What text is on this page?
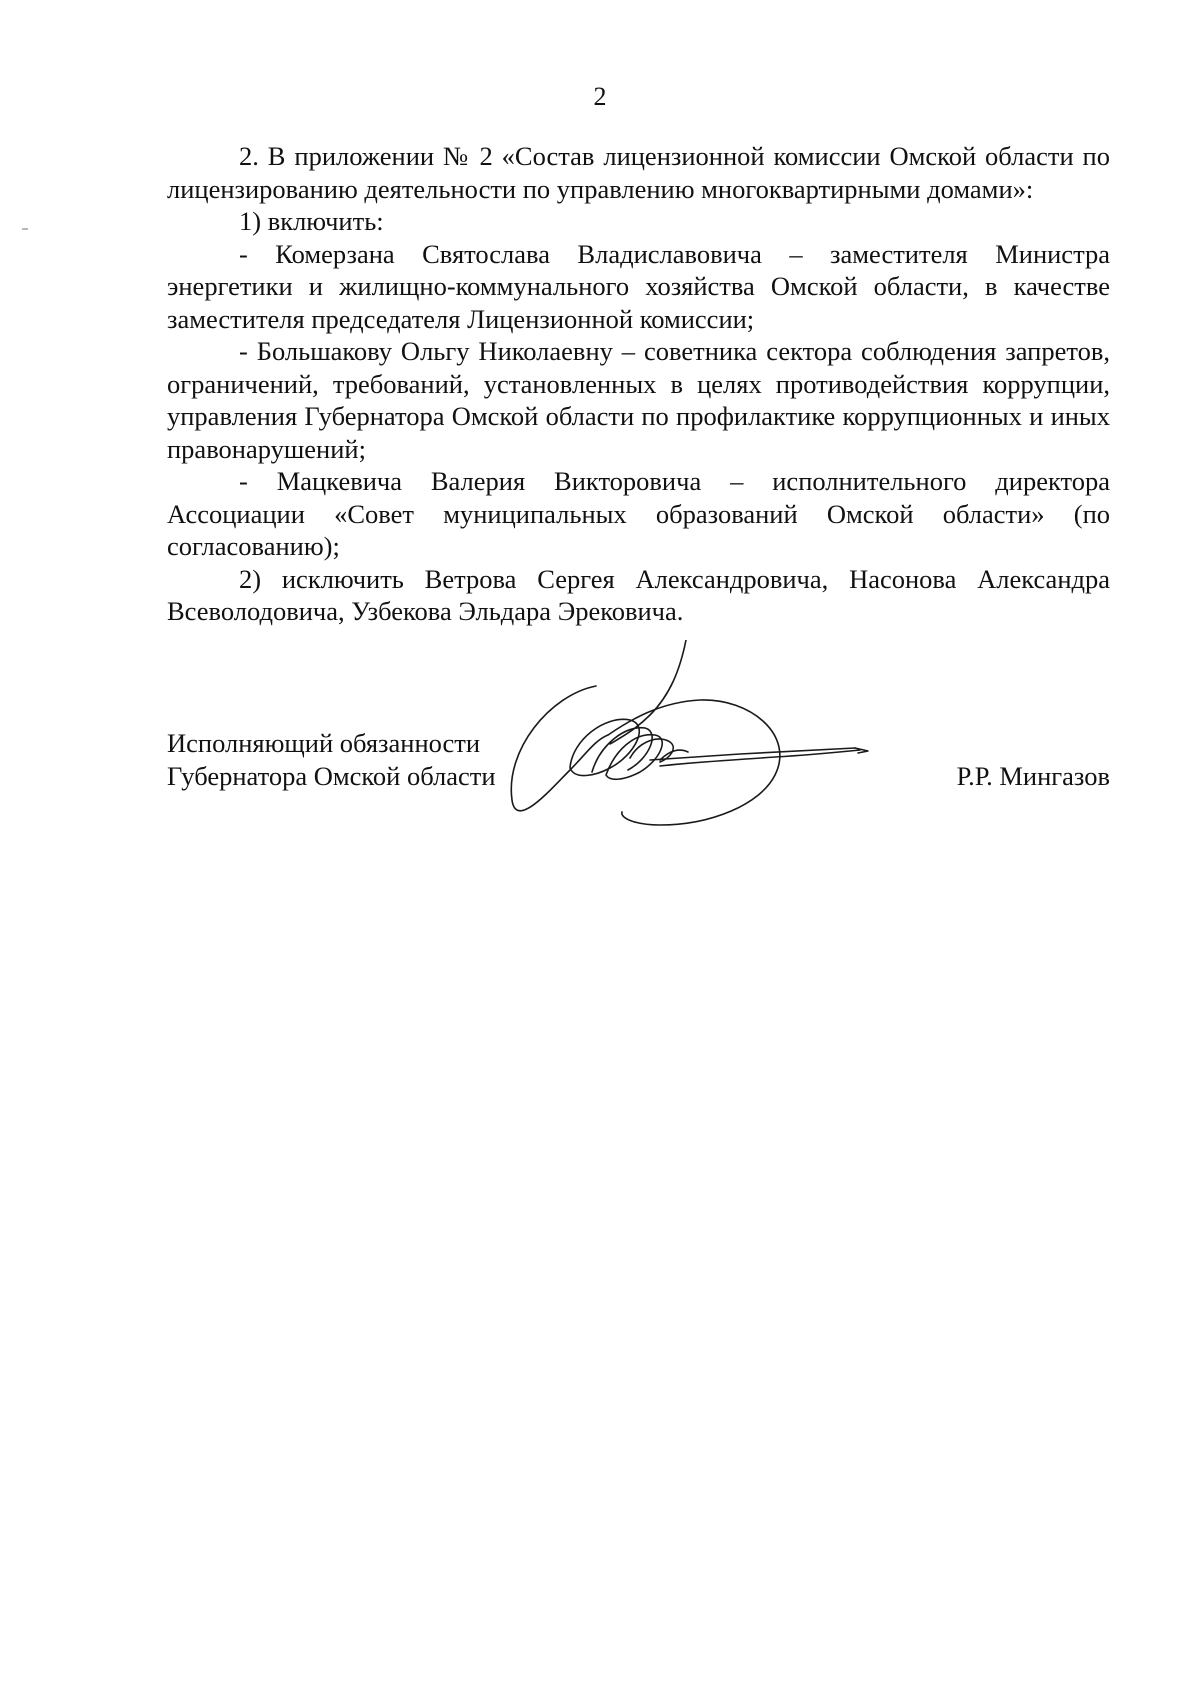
2

2. В приложении № 2 «Состав лицензионной комиссии Омской области по лицензированию деятельности по управлению многоквартирными домами»:

1) включить:

- Комерзана Святослава Владиславовича – заместителя Министра энергетики и жилищно-коммунального хозяйства Омской области, в качестве заместителя председателя Лицензионной комиссии;

- Большакову Ольгу Николаевну – советника сектора соблюдения запретов, ограничений, требований, установленных в целях противодействия коррупции, управления Губернатора Омской области по профилактике коррупционных и иных правонарушений;

- Мацкевича Валерия Викторовича – исполнительного директора Ассоциации «Совет муниципальных образований Омской области» (по согласованию);

2) исключить Ветрова Сергея Александровича, Насонова Александра Всеволодовича, Узбекова Эльдара Эрековича.

Исполняющий обязанности
Губернатора Омской области	Р.Р. Мингазов
